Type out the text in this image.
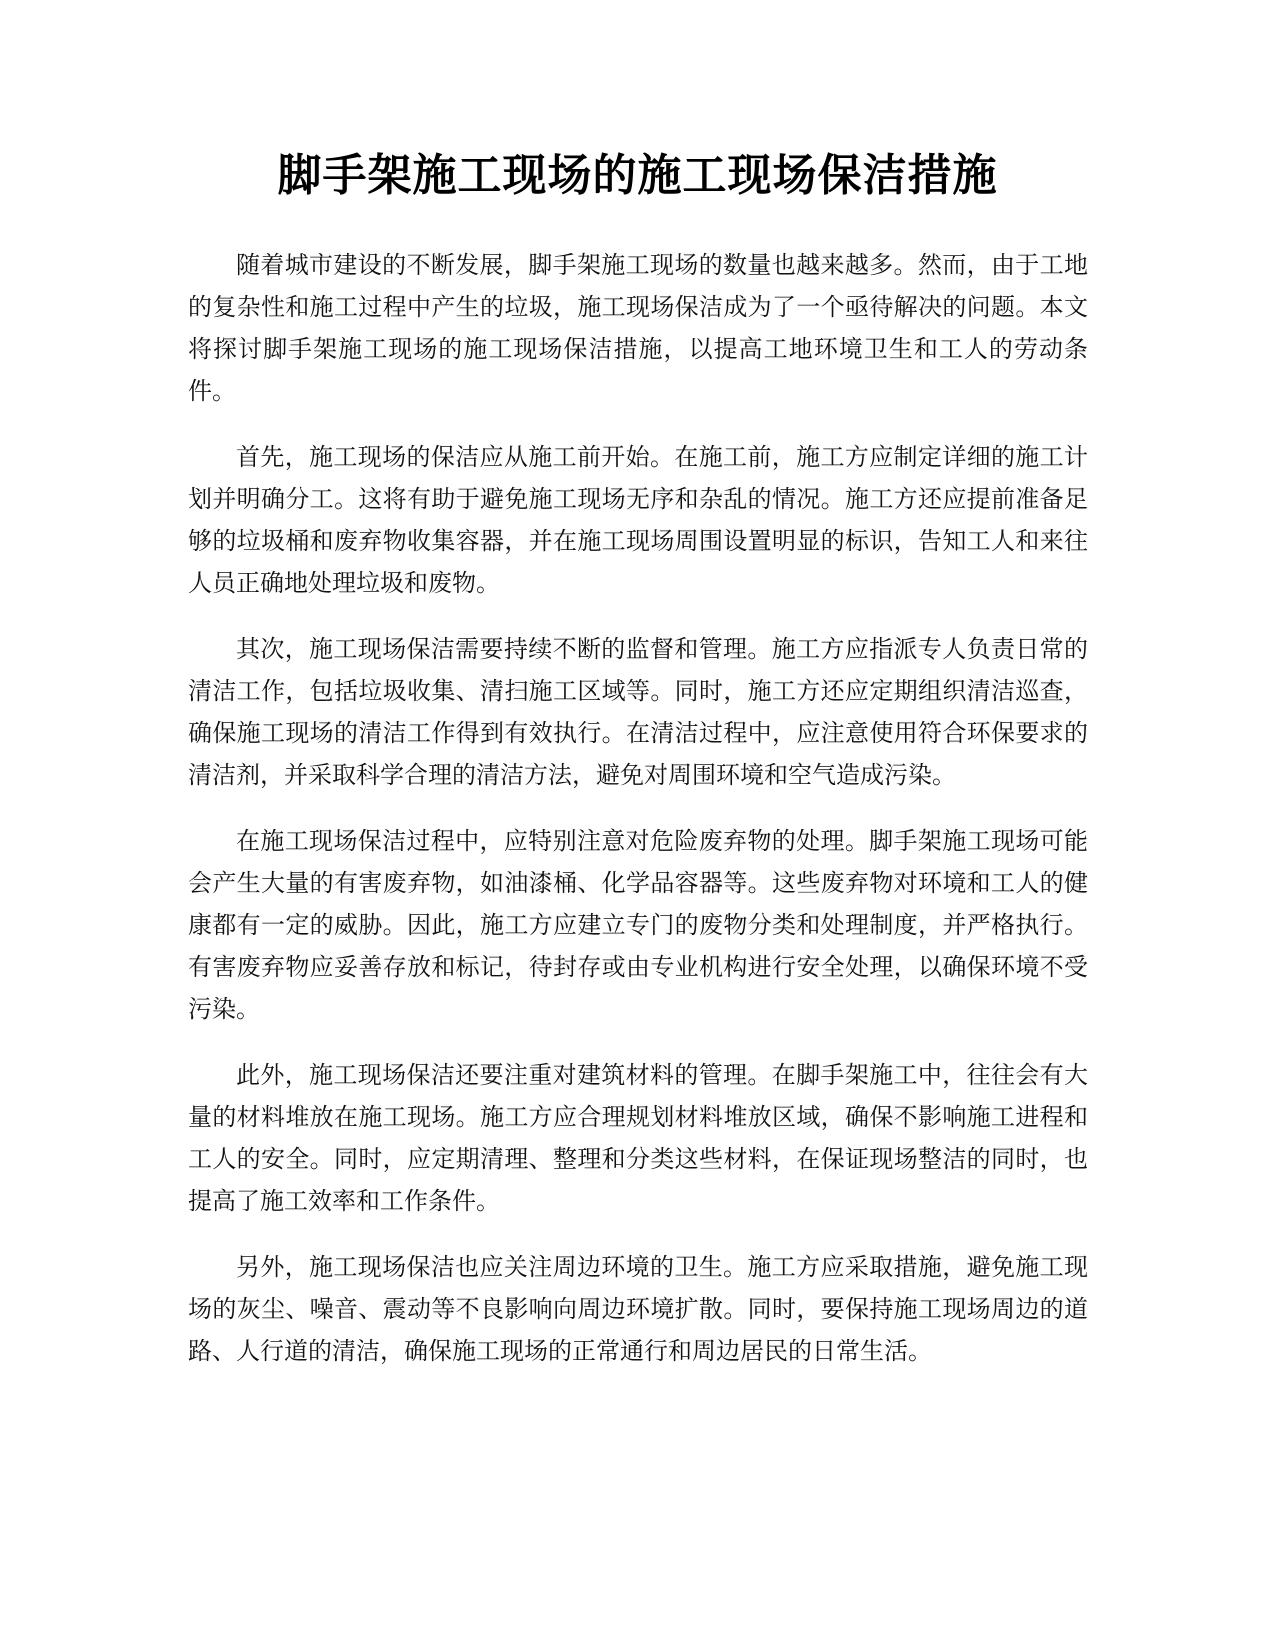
脚手架施工现场的施工现场保洁措施

随着城市建设的不断发展，脚手架施工现场的数量也越来越多。然而，由于工地的复杂性和施工过程中产生的垃圾，施工现场保洁成为了一个亟待解决的问题。本文将探讨脚手架施工现场的施工现场保洁措施，以提高工地环境卫生和工人的劳动条件。

首先，施工现场的保洁应从施工前开始。在施工前，施工方应制定详细的施工计划并明确分工。这将有助于避免施工现场无序和杂乱的情况。施工方还应提前准备足够的垃圾桶和废弃物收集容器，并在施工现场周围设置明显的标识，告知工人和来往人员正确地处理垃圾和废物。

其次，施工现场保洁需要持续不断的监督和管理。施工方应指派专人负责日常的清洁工作，包括垃圾收集、清扫施工区域等。同时，施工方还应定期组织清洁巡查，确保施工现场的清洁工作得到有效执行。在清洁过程中，应注意使用符合环保要求的清洁剂，并采取科学合理的清洁方法，避免对周围环境和空气造成污染。

在施工现场保洁过程中，应特别注意对危险废弃物的处理。脚手架施工现场可能会产生大量的有害废弃物，如油漆桶、化学品容器等。这些废弃物对环境和工人的健康都有一定的威胁。因此，施工方应建立专门的废物分类和处理制度，并严格执行。有害废弃物应妥善存放和标记，待封存或由专业机构进行安全处理，以确保环境不受污染。

此外，施工现场保洁还要注重对建筑材料的管理。在脚手架施工中，往往会有大量的材料堆放在施工现场。施工方应合理规划材料堆放区域，确保不影响施工进程和工人的安全。同时，应定期清理、整理和分类这些材料，在保证现场整洁的同时，也提高了施工效率和工作条件。

另外，施工现场保洁也应关注周边环境的卫生。施工方应采取措施，避免施工现场的灰尘、噪音、震动等不良影响向周边环境扩散。同时，要保持施工现场周边的道路、人行道的清洁，确保施工现场的正常通行和周边居民的日常生活。
